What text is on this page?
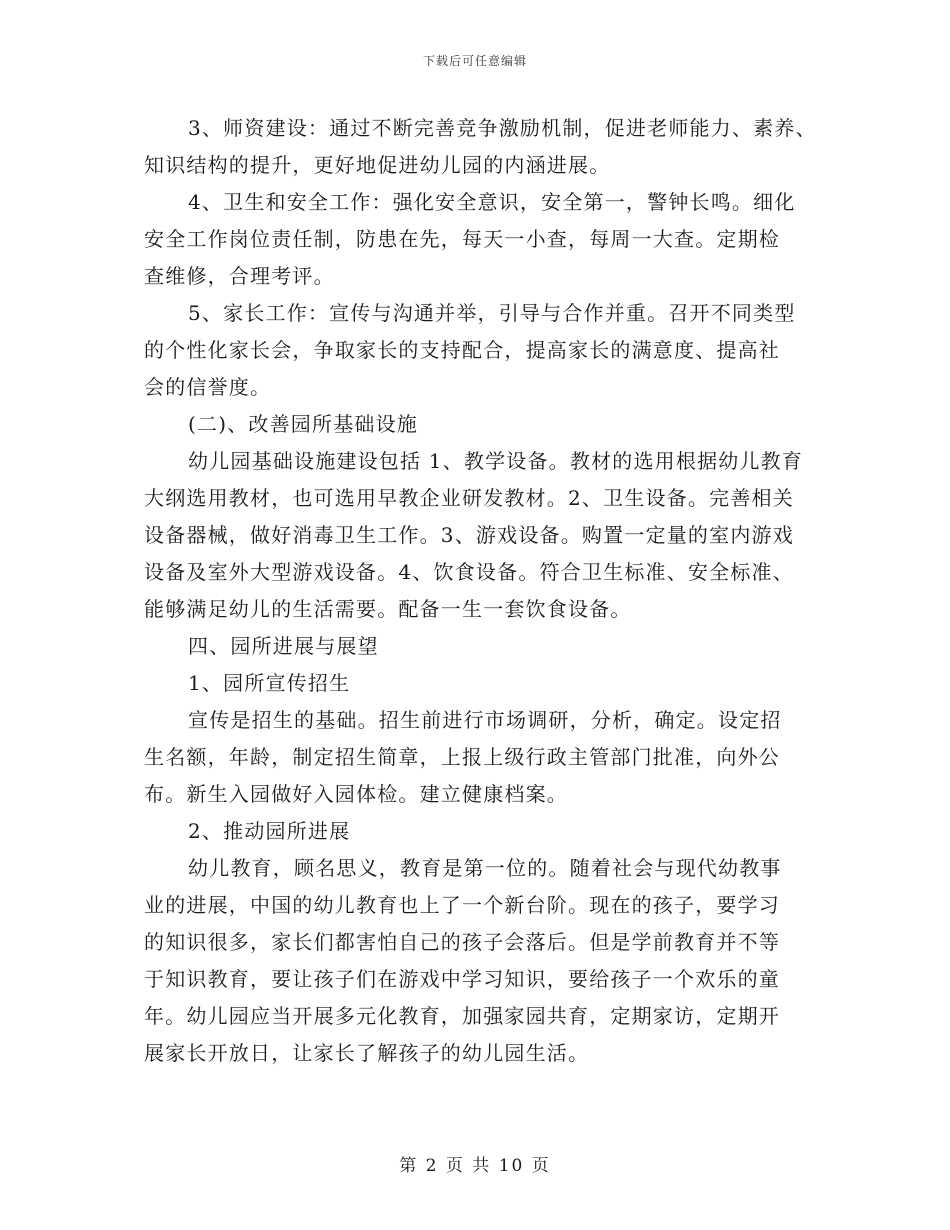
下载后可任意编辑
3、师资建设：通过不断完善竞争激励机制，促进老师能力、素养、
知识结构的提升，更好地促进幼儿园的内涵进展。
4、卫生和安全工作：强化安全意识，安全第一，警钟长鸣。细化
安全工作岗位责任制，防患在先，每天一小查，每周一大查。定期检
查维修，合理考评。
5、家长工作：宣传与沟通并举，引导与合作并重。召开不同类型
的个性化家长会，争取家长的支持配合，提高家长的满意度、提高社
会的信誉度。
(二)、改善园所基础设施
幼儿园基础设施建设包括 1、教学设备。教材的选用根据幼儿教育
大纲选用教材，也可选用早教企业研发教材。2、卫生设备。完善相关
设备器械，做好消毒卫生工作。3、游戏设备。购置一定量的室内游戏
设备及室外大型游戏设备。4、饮食设备。符合卫生标准、安全标准、
能够满足幼儿的生活需要。配备一生一套饮食设备。
四、园所进展与展望
1、园所宣传招生
宣传是招生的基础。招生前进行市场调研，分析，确定。设定招
生名额，年龄，制定招生简章，上报上级行政主管部门批准，向外公
布。新生入园做好入园体检。建立健康档案。
2、推动园所进展
幼儿教育，顾名思义，教育是第一位的。随着社会与现代幼教事
业的进展，中国的幼儿教育也上了一个新台阶。现在的孩子，要学习
的知识很多，家长们都害怕自己的孩子会落后。但是学前教育并不等
于知识教育，要让孩子们在游戏中学习知识，要给孩子一个欢乐的童
年。幼儿园应当开展多元化教育，加强家园共育，定期家访，定期开
展家长开放日，让家长了解孩子的幼儿园生活。
第 2 页 共 10 页
